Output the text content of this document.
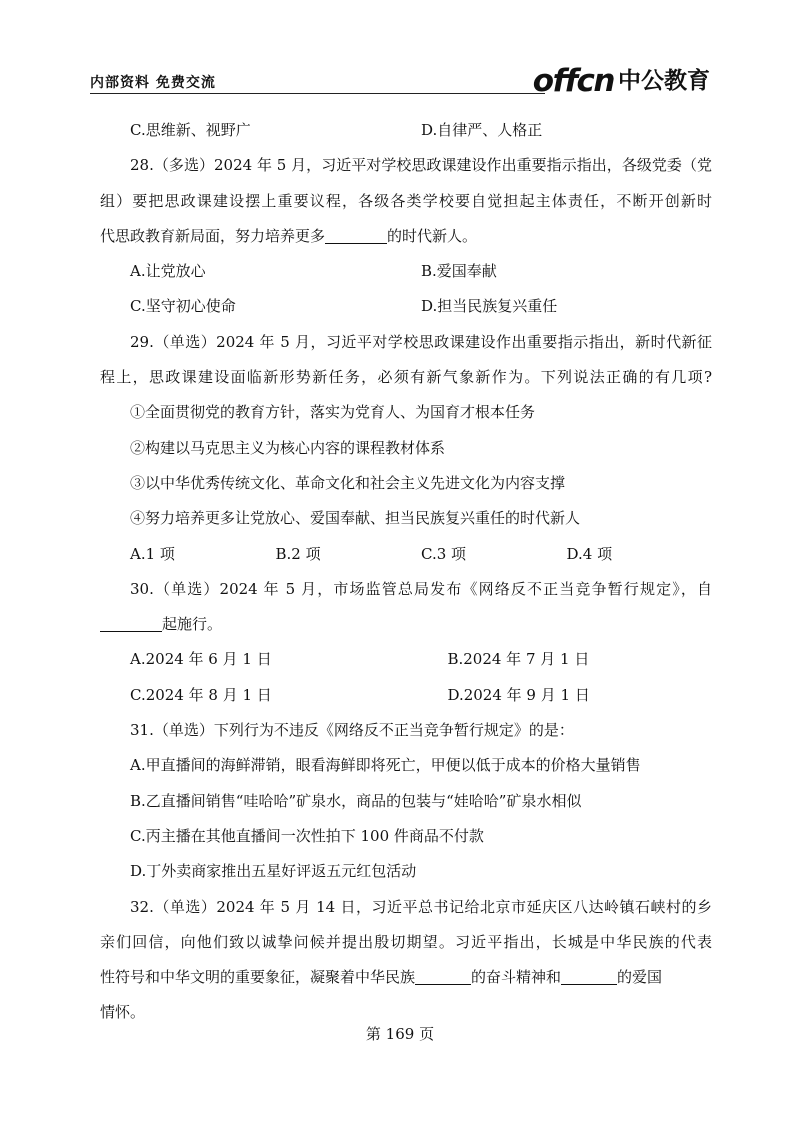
内部资料 免费交流	offcn 中公教育
C.思维新、视野广	D.自律严、人格正
28.（多选）2024 年 5 月，习近平对学校思政课建设作出重要指示指出，各级党委（党
组）要把思政课建设摆上重要议程，各级各类学校要自觉担起主体责任，不断开创新时
代思政教育新局面，努力培养更多	的时代新人。
A.让党放心	B.爱国奉献
C.坚守初心使命	D.担当民族复兴重任
29.（单选）2024 年 5 月，习近平对学校思政课建设作出重要指示指出，新时代新征
程上，思政课建设面临新形势新任务，必须有新气象新作为。下列说法正确的有几项?
①全面贯彻党的教育方针，落实为党育人、为国育才根本任务
②构建以马克思主义为核心内容的课程教材体系
③以中华优秀传统文化、革命文化和社会主义先进文化为内容支撑
④努力培养更多让党放心、爱国奉献、担当民族复兴重任的时代新人
A.1 项	B.2 项	C.3 项	D.4 项
30.（单选）2024 年 5 月，市场监管总局发布《网络反不正当竞争暂行规定》，自
起施行。
A.2024 年 6 月 1 日	B.2024 年 7 月 1 日
C.2024 年 8 月 1 日	D.2024 年 9 月 1 日
31.（单选）下列行为不违反《网络反不正当竞争暂行规定》的是：
A.甲直播间的海鲜滞销，眼看海鲜即将死亡，甲便以低于成本的价格大量销售
B.乙直播间销售“哇哈哈”矿泉水，商品的包装与“娃哈哈”矿泉水相似
C.丙主播在其他直播间一次性拍下 100 件商品不付款
D.丁外卖商家推出五星好评返五元红包活动
32.（单选）2024 年 5 月 14 日，习近平总书记给北京市延庆区八达岭镇石峡村的乡
亲们回信，向他们致以诚挚问候并提出殷切期望。习近平指出，长城是中华民族的代表
性符号和中华文明的重要象征，凝聚着中华民族	的奋斗精神和	的爱国
情怀。
第 169 页
